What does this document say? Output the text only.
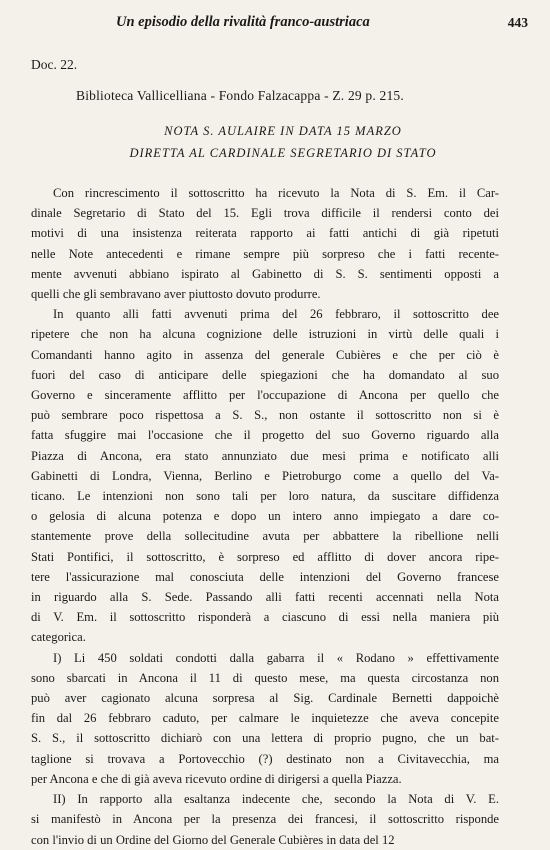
Un episodio della rivalità franco-austriaca	443
Doc. 22.
Biblioteca Vallicelliana - Fondo Falzacappa - Z. 29 p. 215.
NOTA S. AULAIRE IN DATA 15 MARZO
DIRETTA AL CARDINALE SEGRETARIO DI STATO
Con rincrescimento il sottoscritto ha ricevuto la Nota di S. Em. il Car-
dinale Segretario di Stato del 15. Egli trova difficile il rendersi conto dei
motivi di una insistenza reiterata rapporto ai fatti antichi di già ripetuti
nelle Note antecedenti e rimane sempre più sorpreso che i fatti recente-
mente avvenuti abbiano ispirato al Gabinetto di S. S. sentimenti opposti a
quelli che gli sembravano aver piuttosto dovuto produrre.
In quanto alli fatti avvenuti prima del 26 febbraro, il sottoscritto dee
ripetere che non ha alcuna cognizione delle istruzioni in virtù delle quali i
Comandanti hanno agito in assenza del generale Cubières e che per ciò è
fuori del caso di anticipare delle spiegazioni che ha domandato al suo
Governo e sinceramente afflitto per l'occupazione di Ancona per quello che
può sembrare poco rispettosa a S. S., non ostante il sottoscritto non si è
fatta sfuggire mai l'occasione che il progetto del suo Governo riguardo alla
Piazza di Ancona, era stato annunziato due mesi prima e notificato alli
Gabinetti di Londra, Vienna, Berlino e Pietroburgo come a quello del Va-
ticano. Le intenzioni non sono tali per loro natura, da suscitare diffidenza
o gelosia di alcuna potenza e dopo un intero anno impiegato a dare co-
stantemente prove della sollecitudine avuta per abbattere la ribellione nelli
Stati Pontifici, il sottoscritto, è sorpreso ed afflitto di dover ancora ripe-
tere l'assicurazione mal conosciuta delle intenzioni del Governo francese
in riguardo alla S. Sede. Passando alli fatti recenti accennati nella Nota
di V. Em. il sottoscritto risponderà a ciascuno di essi nella maniera più
categorica.
I) Li 450 soldati condotti dalla gabarra il « Rodano » effettivamente
sono sbarcati in Ancona il 11 di questo mese, ma questa circostanza non
può aver cagionato alcuna sorpresa al Sig. Cardinale Bernetti dappoichè
fin dal 26 febbraro caduto, per calmare le inquietezze che aveva concepite
S. S., il sottoscritto dichiarò con una lettera di proprio pugno, che un bat-
taglione si trovava a Portovecchio (?) destinato non a Civitavecchia, ma
per Ancona e che di già aveva ricevuto ordine di dirigersi a quella Piazza.
II) In rapporto alla esaltanza indecente che, secondo la Nota di V. E.
si manifestò in Ancona per la presenza dei francesi, il sottoscritto risponde
con l'invio di un Ordine del Giorno del Generale Cubières in data del 12
